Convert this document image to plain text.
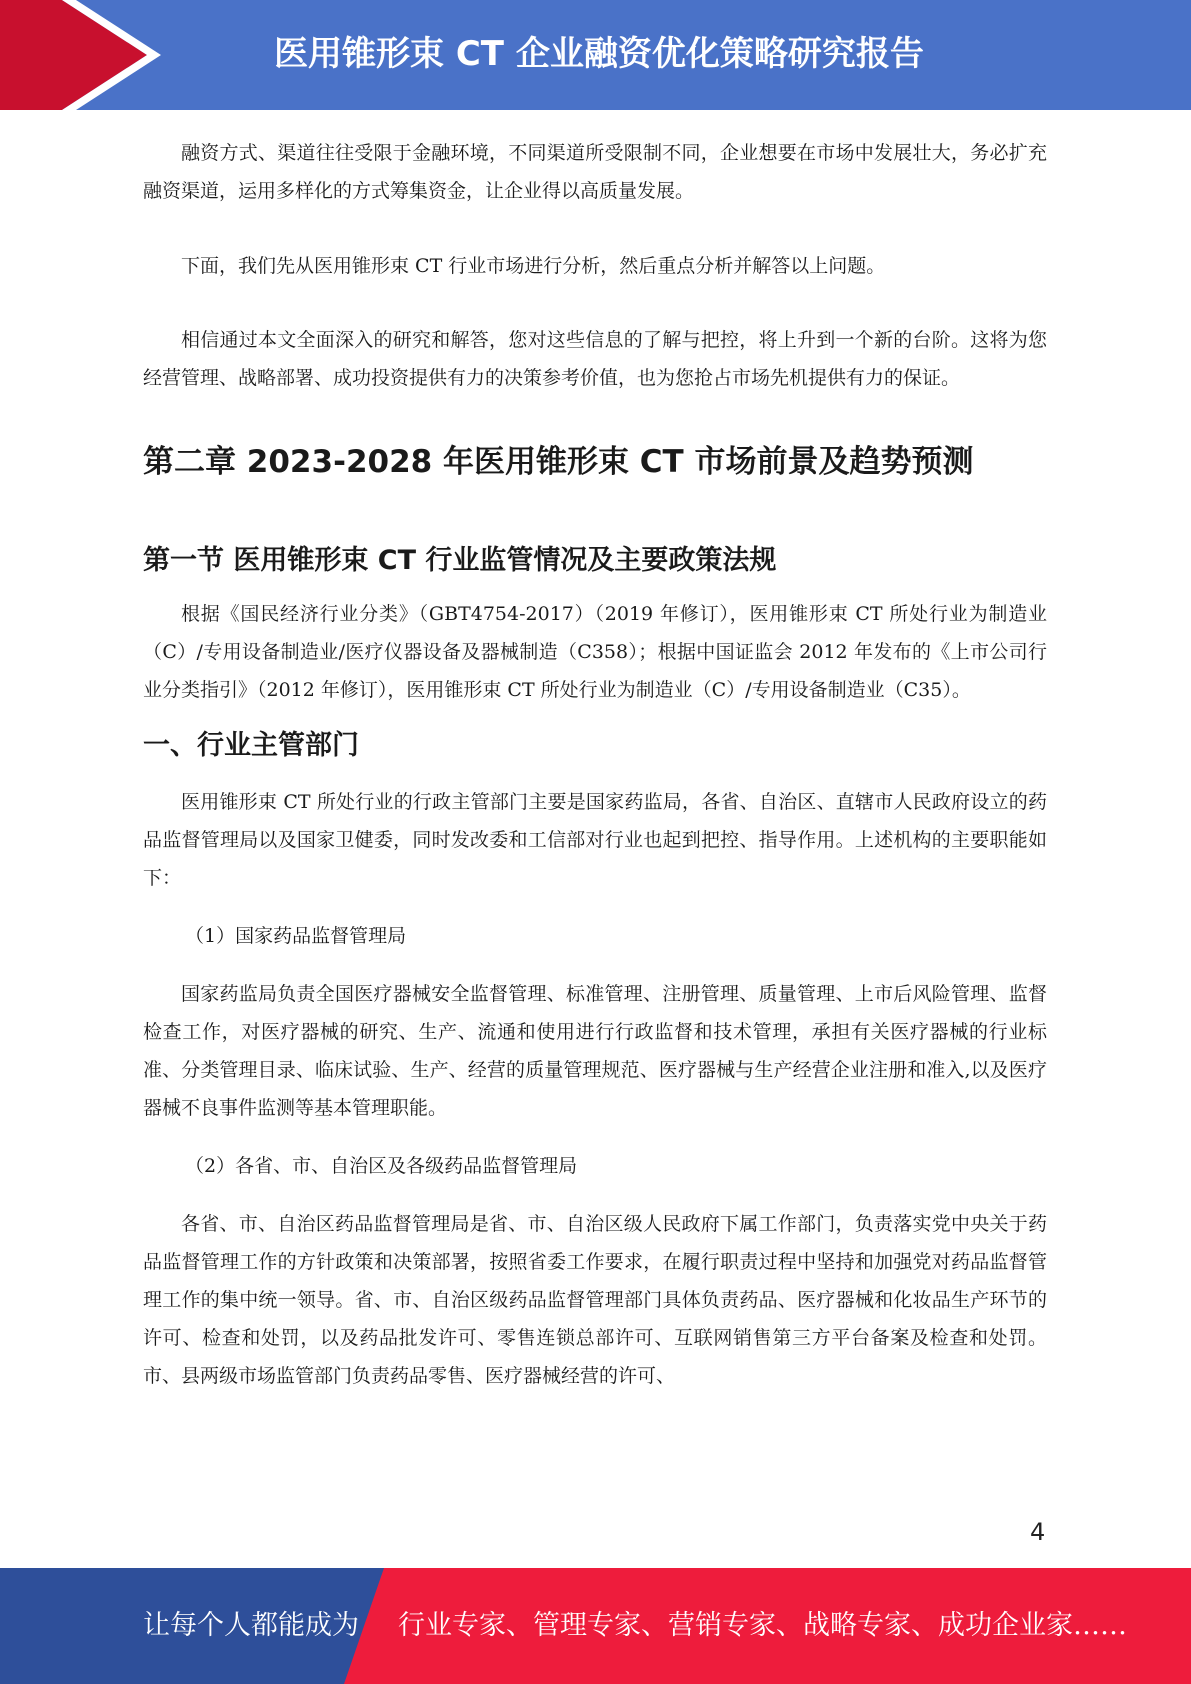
医用锥形束 CT 企业融资优化策略研究报告

融资方式、渠道往往受限于金融环境，不同渠道所受限制不同，企业想要在市场中发展壮大，务必扩充融资渠道，运用多样化的方式筹集资金，让企业得以高质量发展。

下面，我们先从医用锥形束 CT 行业市场进行分析，然后重点分析并解答以上问题。

相信通过本文全面深入的研究和解答，您对这些信息的了解与把控，将上升到一个新的台阶。这将为您经营管理、战略部署、成功投资提供有力的决策参考价值，也为您抢占市场先机提供有力的保证。

第二章 2023-2028 年医用锥形束 CT 市场前景及趋势预测
第一节 医用锥形束 CT 行业监管情况及主要政策法规

根据《国民经济行业分类》（GBT4754-2017）（2019 年修订），医用锥形束 CT 所处行业为制造业（C）/专用设备制造业/医疗仪器设备及器械制造（C358）；根据中国证监会 2012 年发布的《上市公司行业分类指引》（2012 年修订），医用锥形束 CT 所处行业为制造业（C）/专用设备制造业（C35）。

一、行业主管部门

医用锥形束 CT 所处行业的行政主管部门主要是国家药监局，各省、自治区、直辖市人民政府设立的药品监督管理局以及国家卫健委，同时发改委和工信部对行业也起到把控、指导作用。上述机构的主要职能如下：

（1）国家药品监督管理局

国家药监局负责全国医疗器械安全监督管理、标准管理、注册管理、质量管理、上市后风险管理、监督检查工作，对医疗器械的研究、生产、流通和使用进行行政监督和技术管理，承担有关医疗器械的行业标准、分类管理目录、临床试验、生产、经营的质量管理规范、医疗器械与生产经营企业注册和准入,以及医疗器械不良事件监测等基本管理职能。

（2）各省、市、自治区及各级药品监督管理局

各省、市、自治区药品监督管理局是省、市、自治区级人民政府下属工作部门，负责落实党中央关于药品监督管理工作的方针政策和决策部署，按照省委工作要求，在履行职责过程中坚持和加强党对药品监督管理工作的集中统一领导。省、市、自治区级药品监督管理部门具体负责药品、医疗器械和化妆品生产环节的许可、检查和处罚，以及药品批发许可、零售连锁总部许可、互联网销售第三方平台备案及检查和处罚。市、县两级市场监管部门负责药品零售、医疗器械经营的许可、

4
让每个人都能成为 行业专家、管理专家、营销专家、战略专家、成功企业家……
